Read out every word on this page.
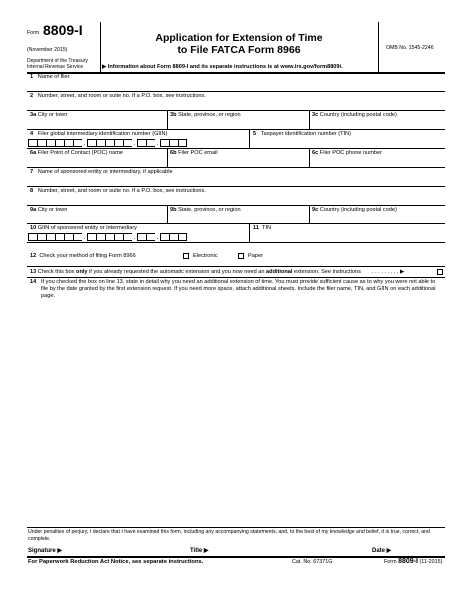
Form 8809-I
(November 2015)
Department of the Treasury
Internal Revenue Service
Application for Extension of Time
to File FATCA Form 8966
▶ Information about Form 8809-I and its separate instructions is at www.irs.gov/form8809i.
OMB No. 1545-2246
1 Name of filer
2 Number, street, and room or suite no. If a P.O. box, see instructions.
3a City or town	3b State, province, or region	3c Country (including postal code)
4 Filer global intermediary identification number (GIIN)
.	.	.
5 Taxpayer identification number (TIN)
6a Filer Point of Contact (POC) name	6b Filer POC email	6c Filer POC phone number
7 Name of sponsored entity or intermediary, if applicable
8 Number, street, and room or suite no. If a P.O. box, see instructions.
9a City or town	9b State, province, or region	9c Country (including postal code)
10 GIIN of sponsored entity or intermediary
.	.	.
11 TIN
12 Check your method of filing Form 8966	Electronic	Paper
13 Check this box only if you already requested the automatic extension and you now need an additional extension. See instructions . . . . . . . . . ▶
14 If you checked the box on line 13, state in detail why you need an additional extension of time. You must provide sufficient cause as to why you were not able to file by the date granted by the first extension request. If you need more space, attach additional sheets. Include the filer name, TIN, and GIIN on each additional page.
Under penalties of perjury, I declare that I have examined this form, including any accompanying statements, and, to the best of my knowledge and belief, it is true, correct, and complete.
Signature ▶	Title ▶	Date ▶
For Paperwork Reduction Act Notice, see separate instructions.	Cat. No. 67371G	Form 8809-I (11-2015)
